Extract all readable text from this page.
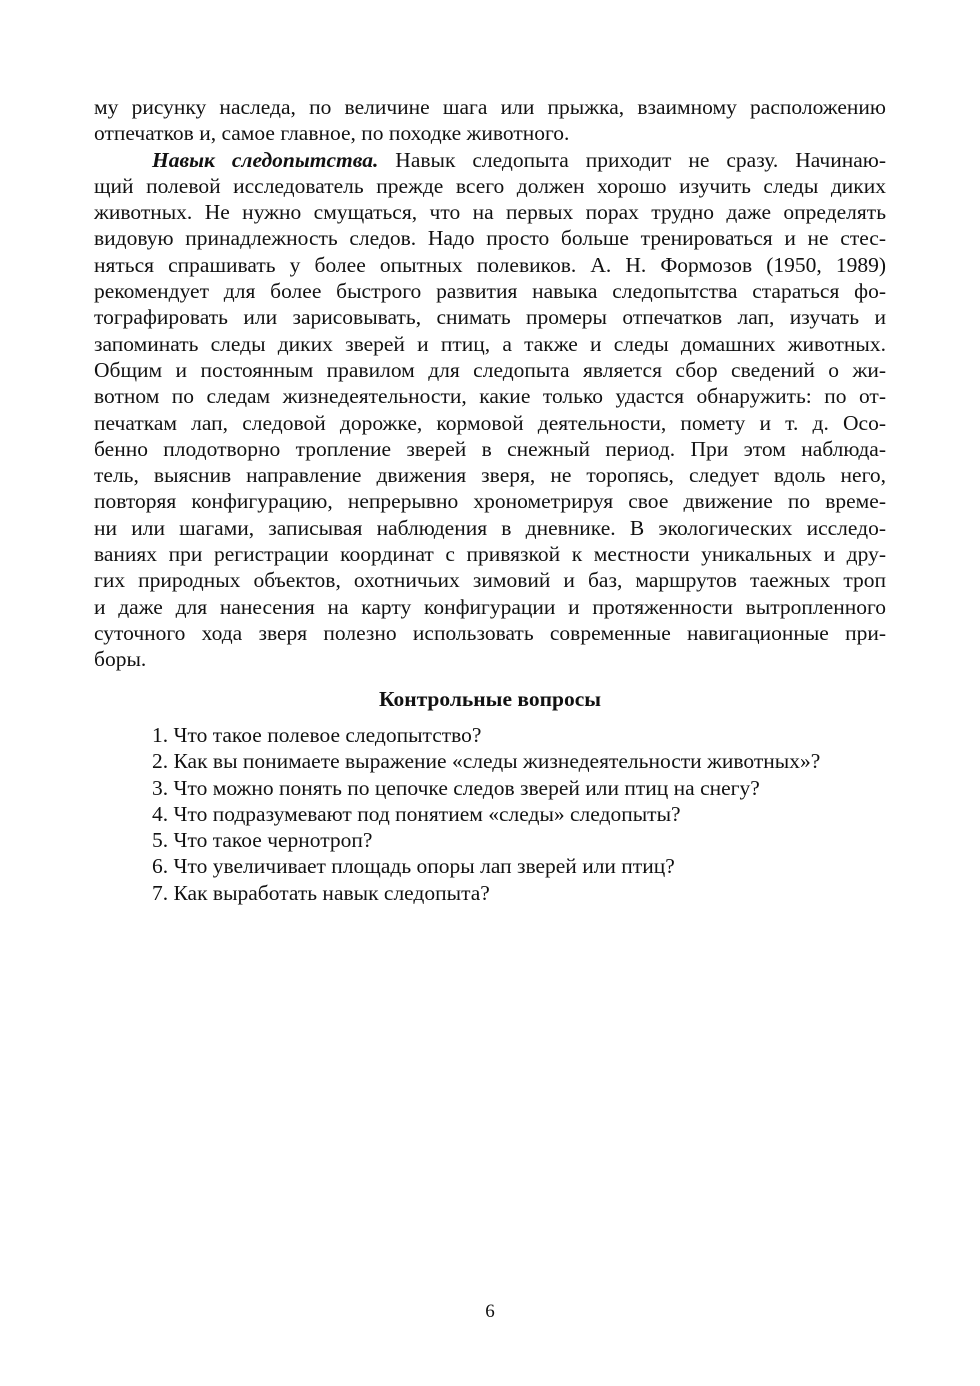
му рисунку наследа, по величине шага или прыжка, взаимному расположению
отпечатков и, самое главное, по походке животного.
Навык следопытства. Навык следопыта приходит не сразу. Начинаю-
щий полевой исследователь прежде всего должен хорошо изучить следы диких
животных. Не нужно смущаться, что на первых порах трудно даже определять
видовую принадлежность следов. Надо просто больше тренироваться и не стес-
няться спрашивать у более опытных полевиков. А. Н. Формозов (1950, 1989)
рекомендует для более быстрого развития навыка следопытства стараться фо-
тографировать или зарисовывать, снимать промеры отпечатков лап, изучать и
запоминать следы диких зверей и птиц, а также и следы домашних животных.
Общим и постоянным правилом для следопыта является сбор сведений о жи-
вотном по следам жизнедеятельности, какие только удастся обнаружить: по от-
печаткам лап, следовой дорожке, кормовой деятельности, помету и т. д. Осо-
бенно плодотворно тропление зверей в снежный период. При этом наблюда-
тель, выяснив направление движения зверя, не торопясь, следует вдоль него,
повторяя конфигурацию, непрерывно хронометрируя свое движение по време-
ни или шагами, записывая наблюдения в дневнике. В экологических исследо-
ваниях при регистрации координат с привязкой к местности уникальных и дру-
гих природных объектов, охотничьих зимовий и баз, маршрутов таежных троп
и даже для нанесения на карту конфигурации и протяженности вытропленного
суточного хода зверя полезно использовать современные навигационные при-
боры.
Контрольные вопросы
1. Что такое полевое следопытство?
2. Как вы понимаете выражение «следы жизнедеятельности животных»?
3. Что можно понять по цепочке следов зверей или птиц на снегу?
4. Что подразумевают под понятием «следы» следопыты?
5. Что такое чернотроп?
6. Что увеличивает площадь опоры лап зверей или птиц?
7. Как выработать навык следопыта?
6
